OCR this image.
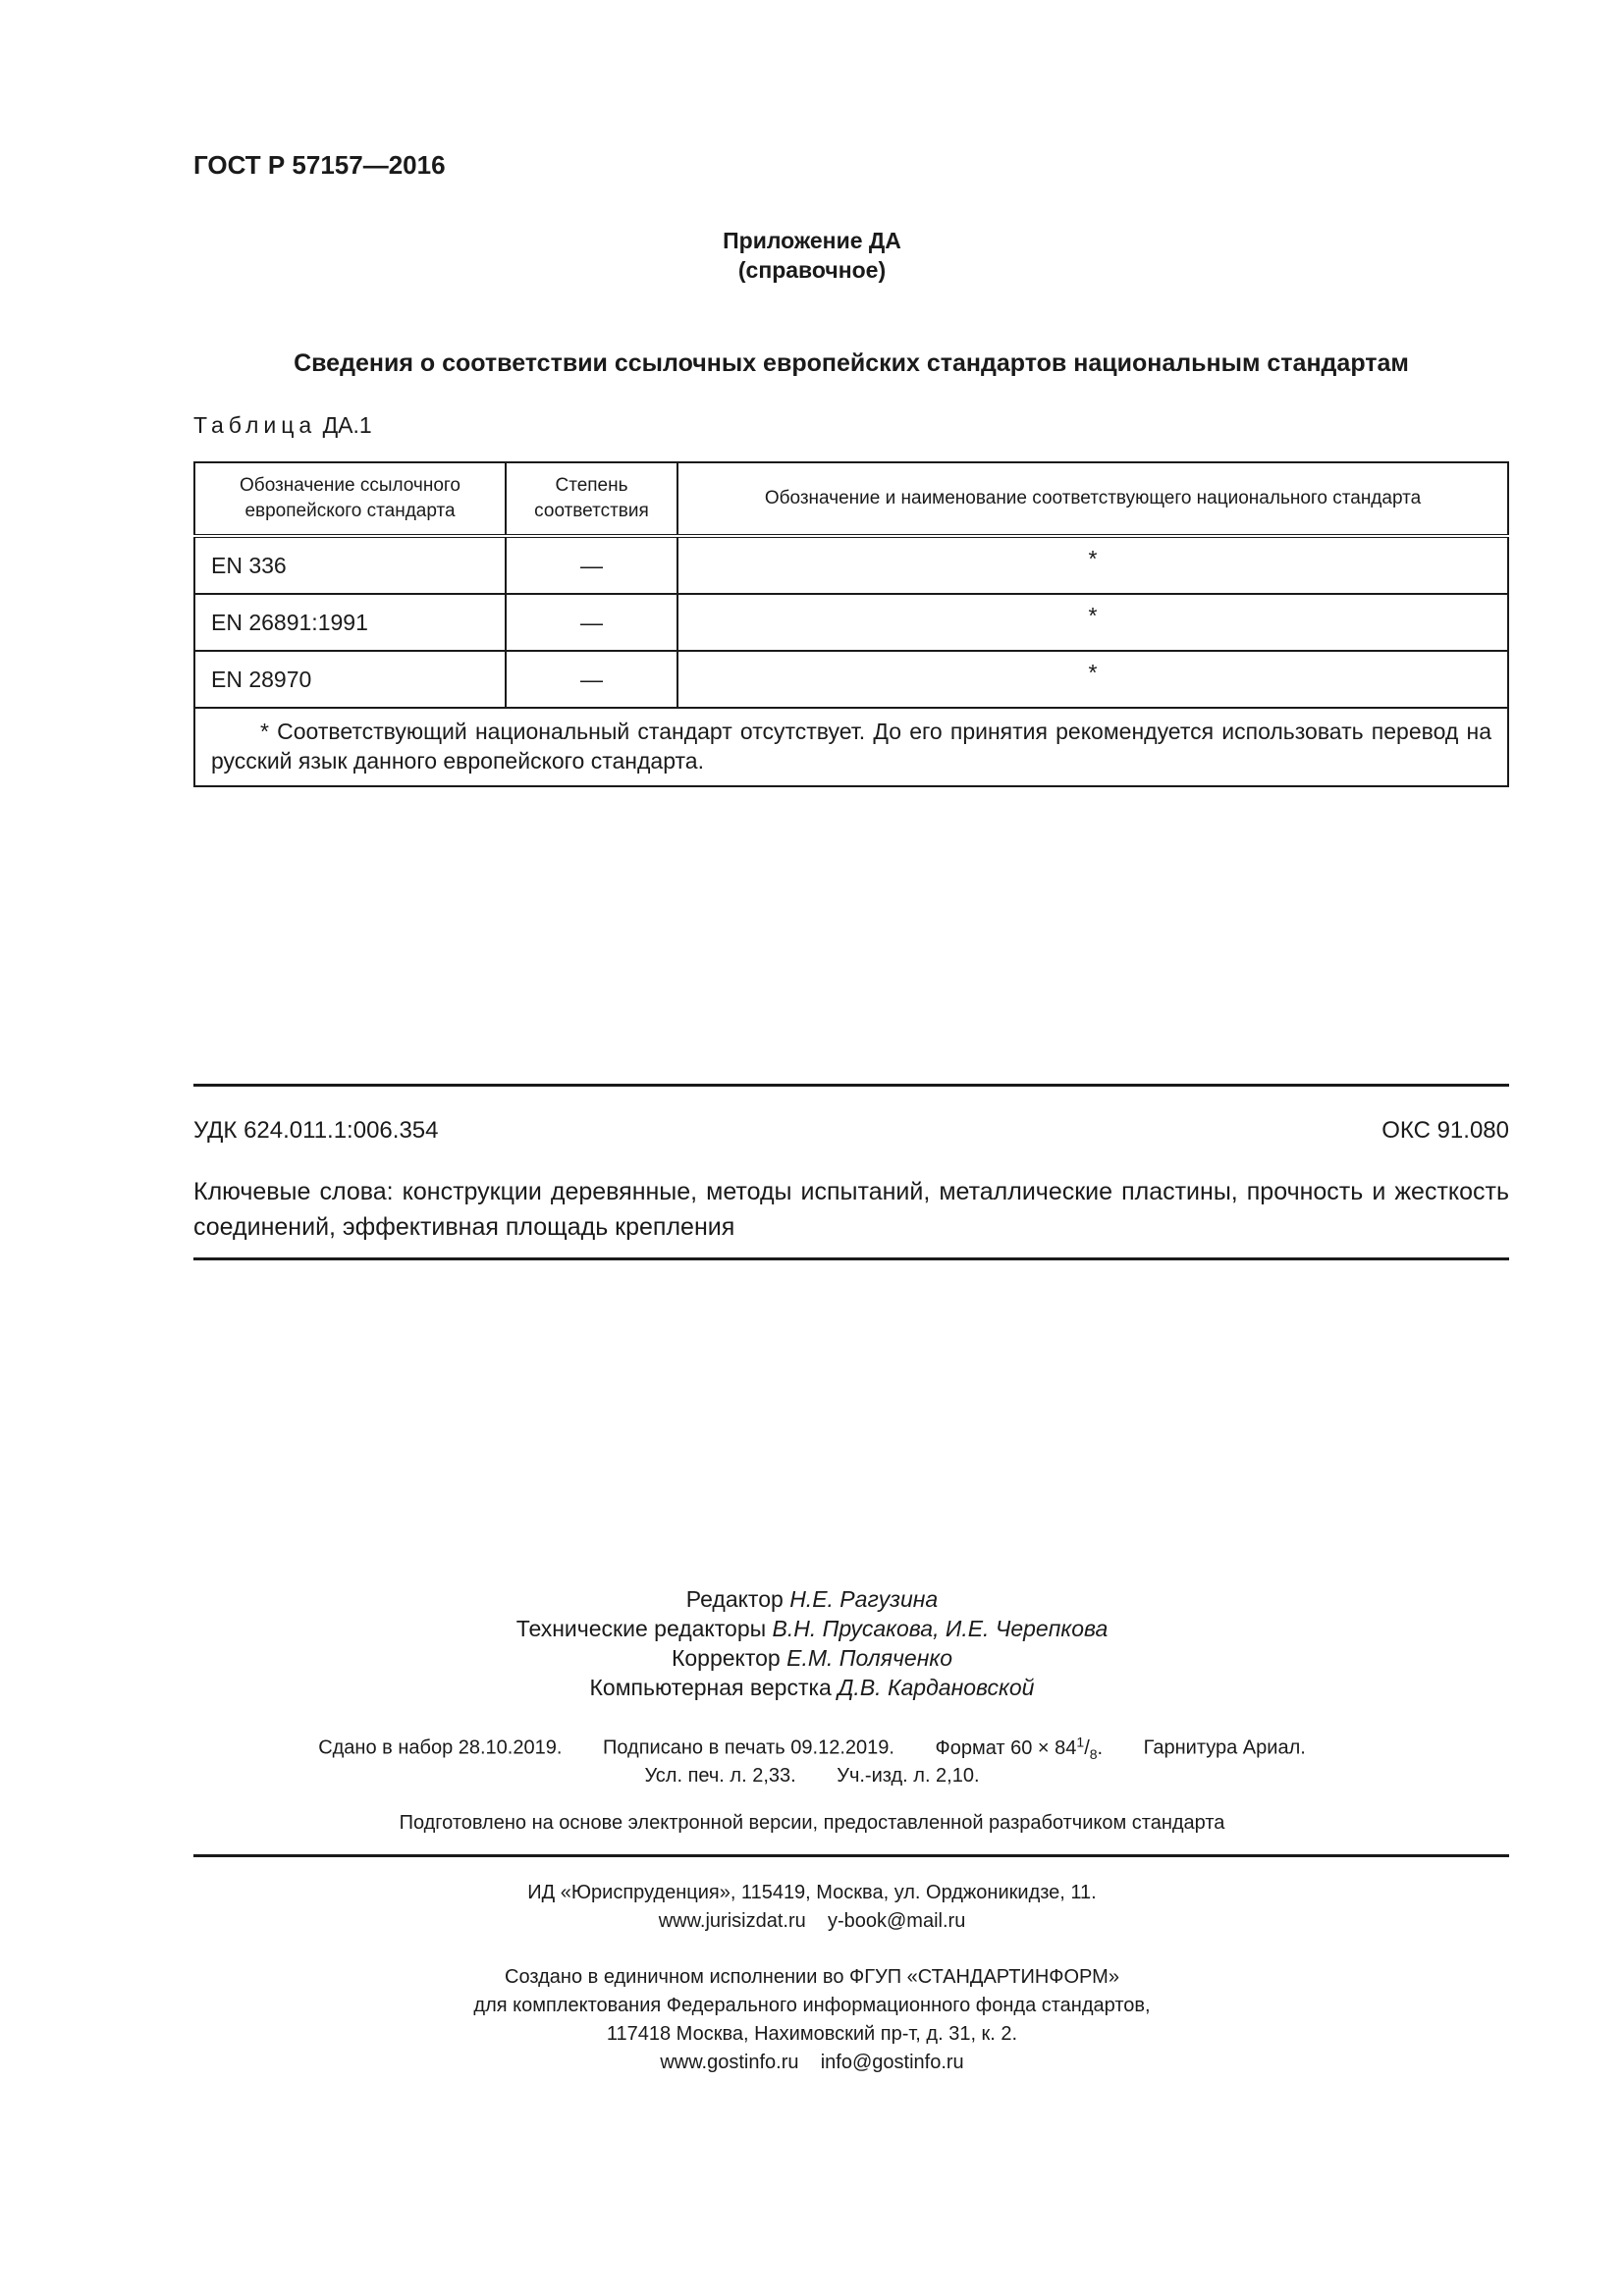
ГОСТ Р 57157—2016
Приложение ДА
(справочное)
Сведения о соответствии ссылочных европейских стандартов национальным стандартам
Таблица ДА.1
Обозначение ссылочного европейского стандарта	Степень соответствия	Обозначение и наименование соответствующего национального стандарта
EN 336	—	*
EN 26891:1991	—	*
EN 28970	—	*
* Соответствующий национальный стандарт отсутствует. До его принятия рекомендуется использовать перевод на русский язык данного европейского стандарта.		
УДК 624.011.1:006.354	ОКС 91.080
Ключевые слова: конструкции деревянные, методы испытаний, металлические пластины, прочность и жесткость соединений, эффективная площадь крепления
Редактор Н.Е. Рагузина
Технические редакторы В.Н. Прусакова, И.Е. Черепкова
Корректор Е.М. Поляченко
Компьютерная верстка Д.В. Кардановской
Сдано в набор 28.10.2019. Подписано в печать 09.12.2019. Формат $60 \times 84^1/_8$. Гарнитура Ариал.
Усл. печ. л. 2,33. Уч.-изд. л. 2,10.
Подготовлено на основе электронной версии, предоставленной разработчиком стандарта
ИД «Юриспруденция», 115419, Москва, ул. Орджоникидзе, 11.
www.jurisizdat.ru y-book@mail.ru
Создано в единичном исполнении во ФГУП «СТАНДАРТИНФОРМ»
для комплектования Федерального информационного фонда стандартов,
117418 Москва, Нахимовский пр-т, д. 31, к. 2.
www.gostinfo.ru info@gostinfo.ru
